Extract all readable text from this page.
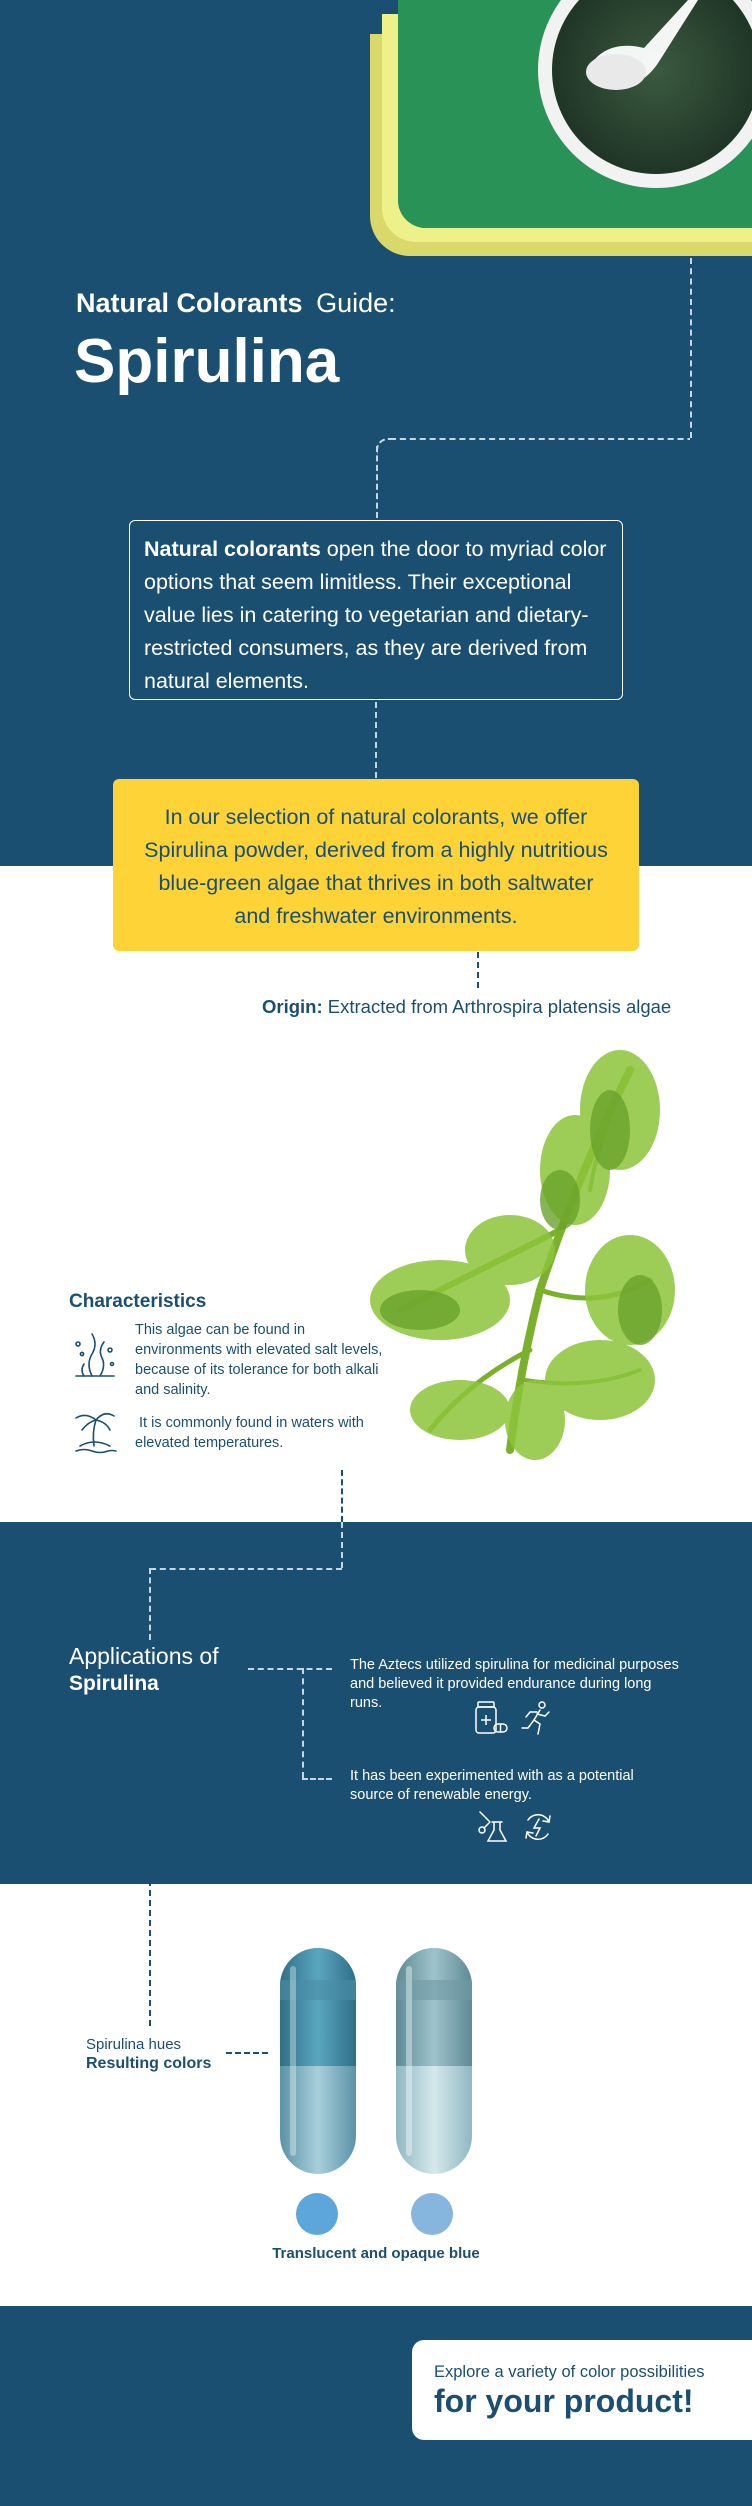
Natural Colorants Guide:
Spirulina
Natural colorants open the door to myriad color options that seem limitless. Their exceptional value lies in catering to vegetarian and dietary-restricted consumers, as they are derived from natural elements.
In our selection of natural colorants, we offer Spirulina powder, derived from a highly nutritious blue-green algae that thrives in both saltwater and freshwater environments.
Origin: Extracted from Arthrospira platensis algae
Characteristics
This algae can be found in environments with elevated salt levels, because of its tolerance for both alkali and salinity.
It is commonly found in waters with elevated temperatures.
Applications of
Spirulina
The Aztecs utilized spirulina for medicinal purposes and believed it provided endurance during long runs.
It has been experimented with as a potential source of renewable energy.
Spirulina hues
Resulting colors
Translucent and opaque blue
Explore a variety of color possibilities
for your product!
